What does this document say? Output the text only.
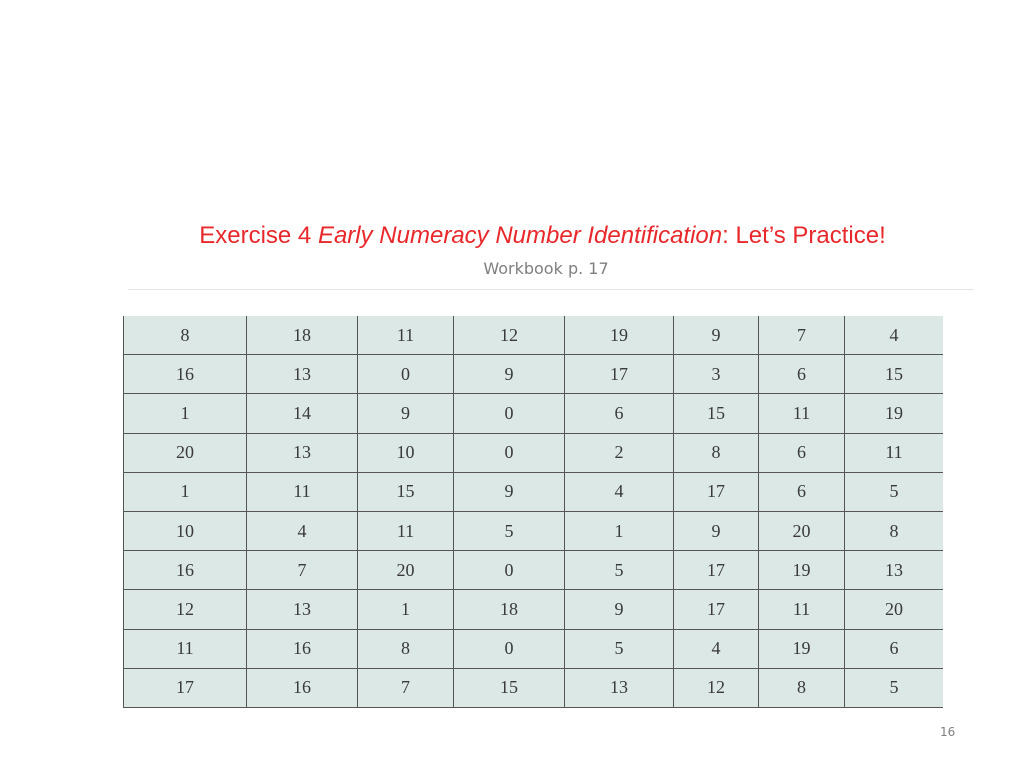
Exercise 4 Early Numeracy Number Identification: Let’s Practice!
Workbook p. 17
8	18	11	12	19	9	7	4
16	13	0	9	17	3	6	15
1	14	9	0	6	15	11	19
20	13	10	0	2	8	6	11
1	11	15	9	4	17	6	5
10	4	11	5	1	9	20	8
16	7	20	0	5	17	19	13
12	13	1	18	9	17	11	20
11	16	8	0	5	4	19	6
17	16	7	15	13	12	8	5
16
